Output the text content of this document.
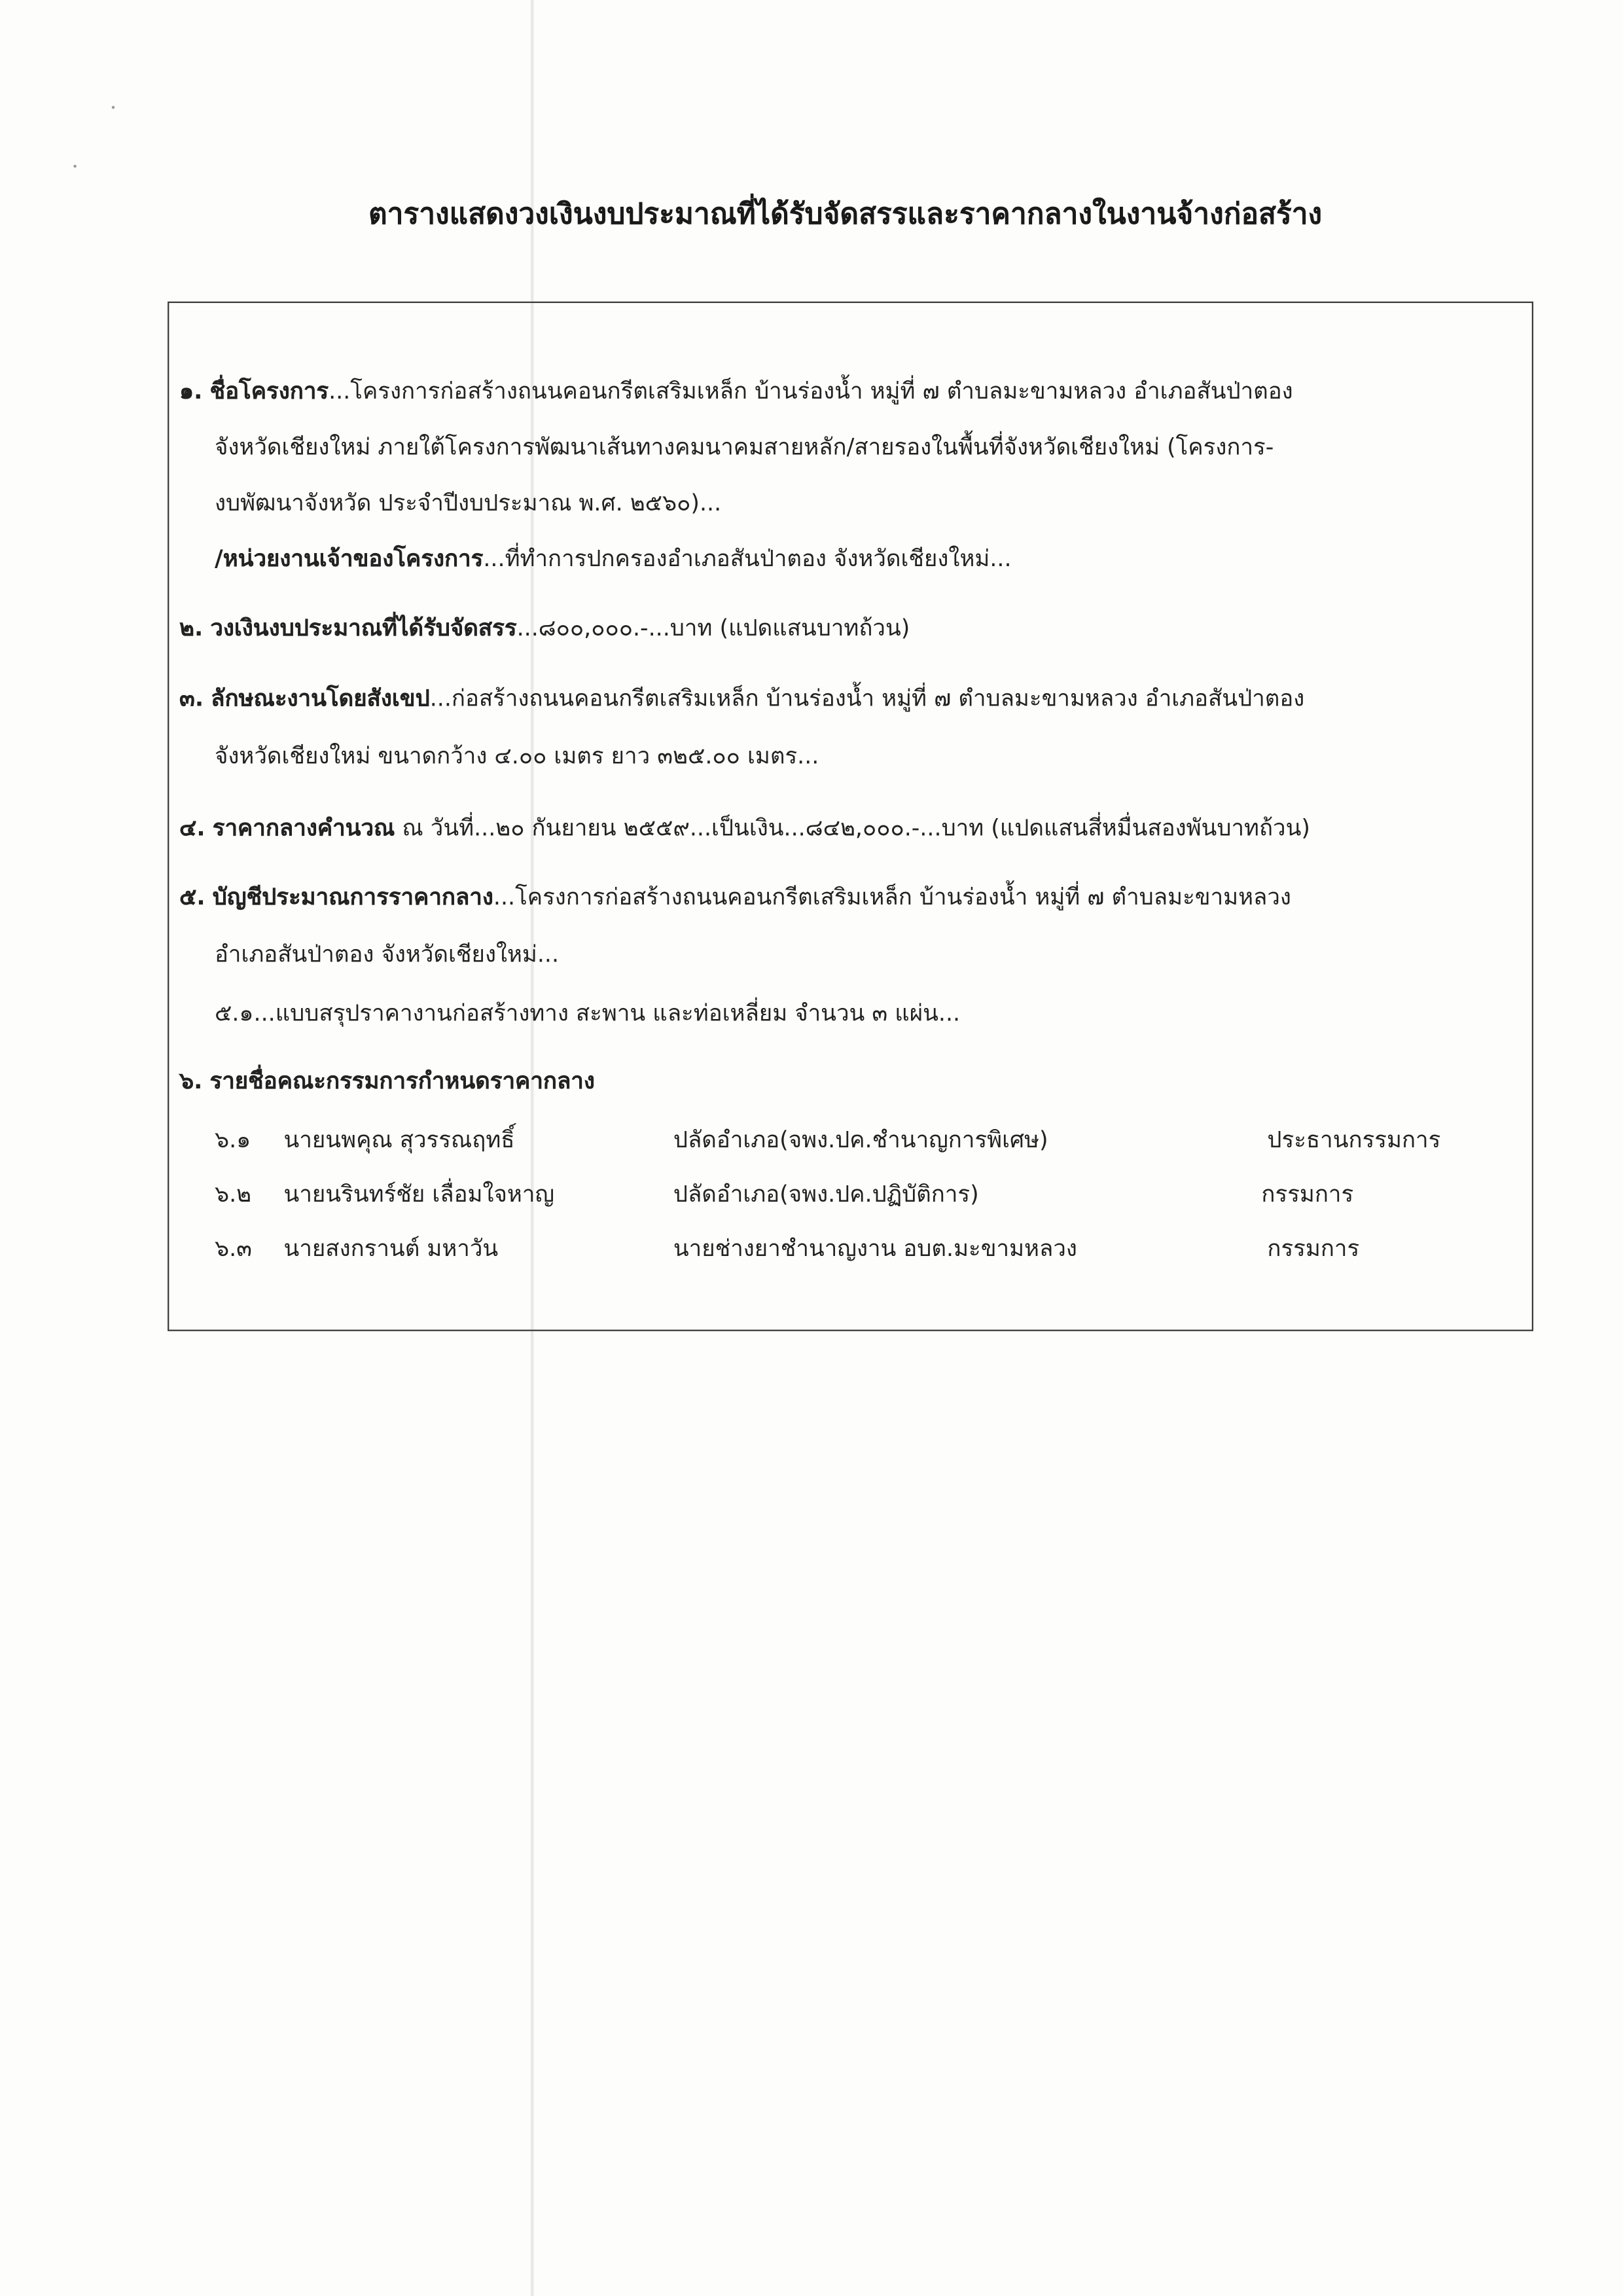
ตารางแสดงวงเงินงบประมาณที่ได้รับจัดสรรและราคากลางในงานจ้างก่อสร้าง
๑. ชื่อโครงการ...โครงการก่อสร้างถนนคอนกรีตเสริมเหล็ก บ้านร่องน้ำ หมู่ที่ ๗ ตำบลมะขามหลวง อำเภอสันป่าตอง
จังหวัดเชียงใหม่ ภายใต้โครงการพัฒนาเส้นทางคมนาคมสายหลัก/สายรองในพื้นที่จังหวัดเชียงใหม่ (โครงการ-
งบพัฒนาจังหวัด ประจำปีงบประมาณ พ.ศ. ๒๕๖๐)...
/หน่วยงานเจ้าของโครงการ...ที่ทำการปกครองอำเภอสันป่าตอง จังหวัดเชียงใหม่...
๒. วงเงินงบประมาณที่ได้รับจัดสรร...๘๐๐,๐๐๐.-...บาท (แปดแสนบาทถ้วน)
๓. ลักษณะงานโดยสังเขป...ก่อสร้างถนนคอนกรีตเสริมเหล็ก บ้านร่องน้ำ หมู่ที่ ๗ ตำบลมะขามหลวง อำเภอสันป่าตอง
จังหวัดเชียงใหม่ ขนาดกว้าง ๔.๐๐ เมตร ยาว ๓๒๕.๐๐ เมตร...
๔. ราคากลางคำนวณ ณ วันที่...๒๐ กันยายน ๒๕๕๙...เป็นเงิน...๘๔๒,๐๐๐.-...บาท (แปดแสนสี่หมื่นสองพันบาทถ้วน)
๕. บัญชีประมาณการราคากลาง...โครงการก่อสร้างถนนคอนกรีตเสริมเหล็ก บ้านร่องน้ำ หมู่ที่ ๗ ตำบลมะขามหลวง
อำเภอสันป่าตอง จังหวัดเชียงใหม่...
๕.๑...แบบสรุปราคางานก่อสร้างทาง สะพาน และท่อเหลี่ยม จำนวน ๓ แผ่น...
๖. รายชื่อคณะกรรมการกำหนดราคากลาง
๖.๑	นายนพคุณ สุวรรณฤทธิ์	ปลัดอำเภอ(จพง.ปค.ชำนาญการพิเศษ)	ประธานกรรมการ
๖.๒	นายนรินทร์ชัย เลื่อมใจหาญ	ปลัดอำเภอ(จพง.ปค.ปฏิบัติการ)	กรรมการ
๖.๓	นายสงกรานต์ มหาวัน	นายช่างยาชำนาญงาน อบต.มะขามหลวง	กรรมการ
